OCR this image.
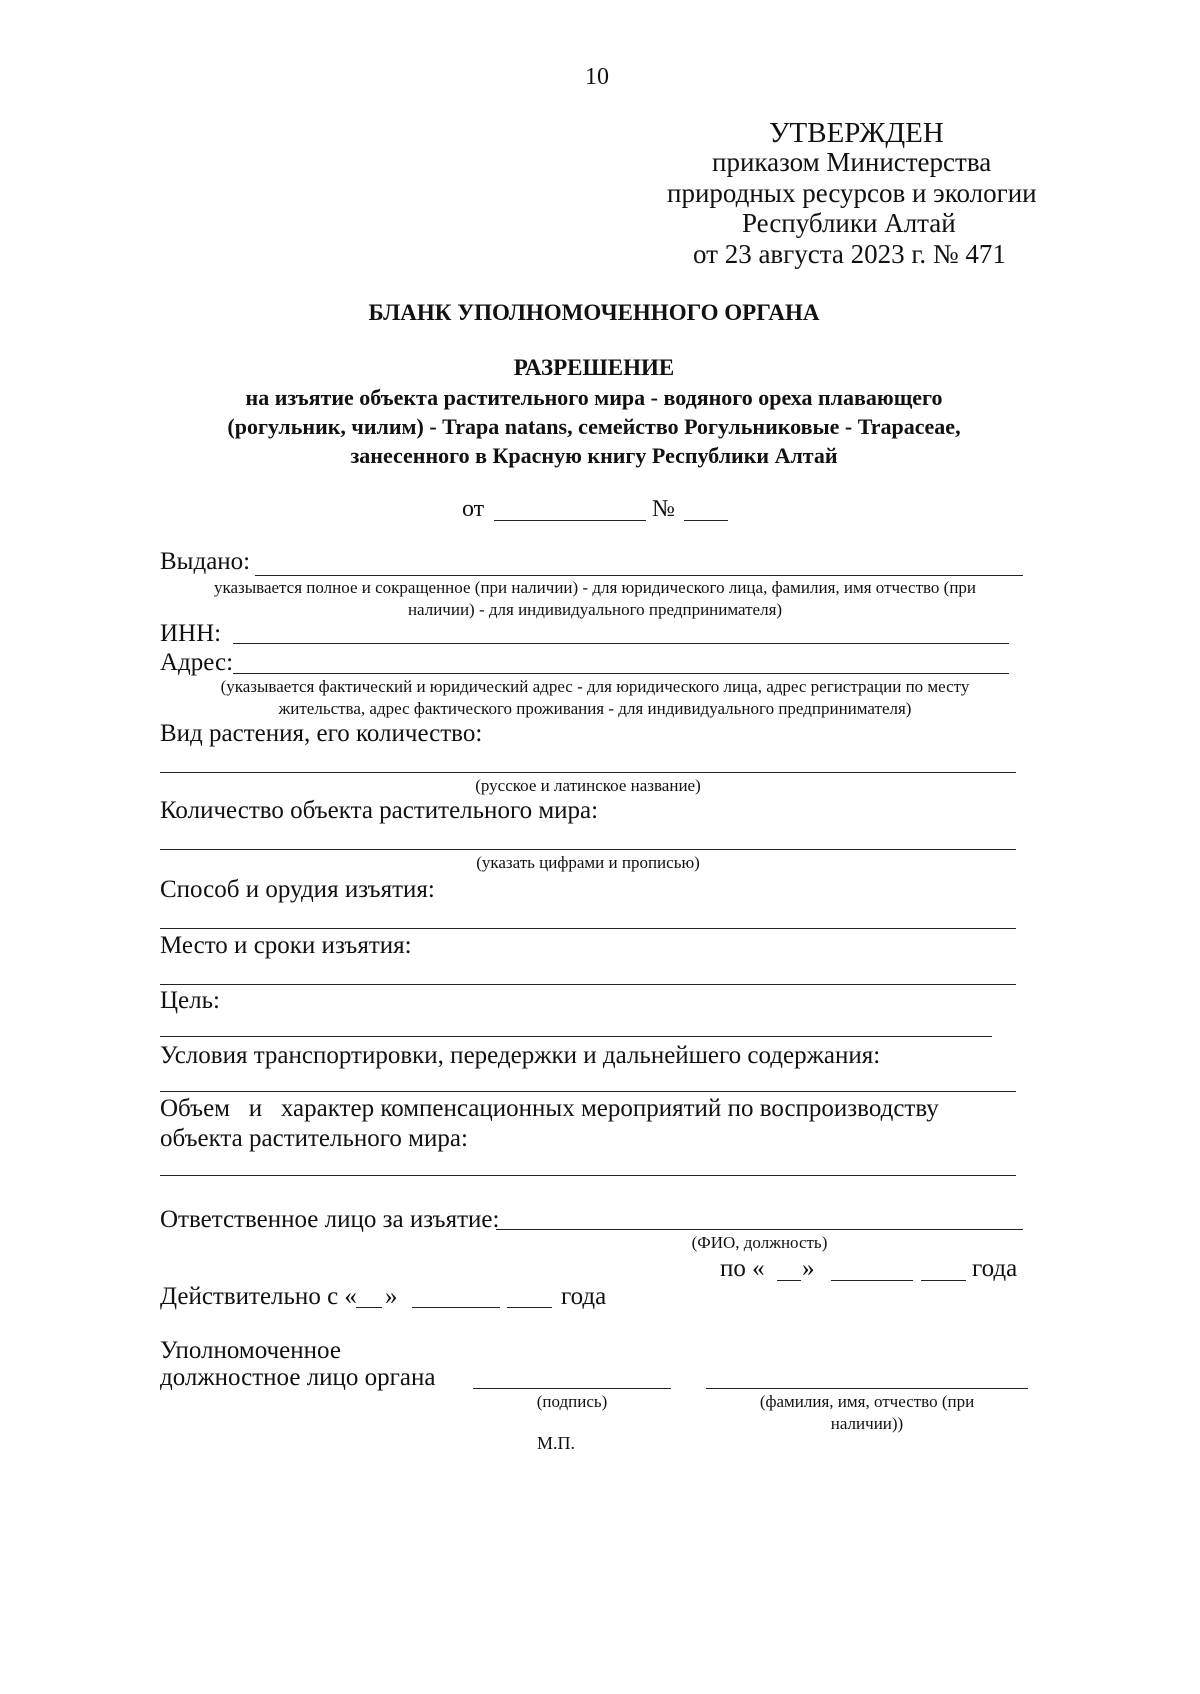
10
УТВЕРЖДЕН
приказом Министерства
природных ресурсов и экологии
Республики Алтай
от 23 августа 2023 г. № 471
БЛАНК УПОЛНОМОЧЕННОГО ОРГАНА
РАЗРЕШЕНИЕ
на изъятие объекта растительного мира - водяного ореха плавающего
(рогульник, чилим) - Trapa natans, семейство Рогульниковые - Trapaceae,
занесенного в Красную книгу Республики Алтай
от	№
Выдано:
указывается полное и сокращенное (при наличии) - для юридического лица, фамилия, имя отчество (при
наличии) - для индивидуального предпринимателя)
ИНН:
Адрес:
(указывается фактический и юридический адрес - для юридического лица, адрес регистрации по месту
жительства, адрес фактического проживания - для индивидуального предпринимателя)
Вид растения, его количество:
(русское и латинское название)
Количество объекта растительного мира:
(указать цифрами и прописью)
Способ и орудия изъятия:
Место и сроки изъятия:
Цель:
Условия транспортировки, передержки и дальнейшего содержания:
Объем   и   характер компенсационных мероприятий по воспроизводству
объекта растительного мира:
Ответственное лицо за изъятие:
(ФИО, должность)
по « »	года
Действительно с « »	года
Уполномоченное
должностное лицо органа
(подпись)	(фамилия, имя, отчество (при
наличии))
М.П.
